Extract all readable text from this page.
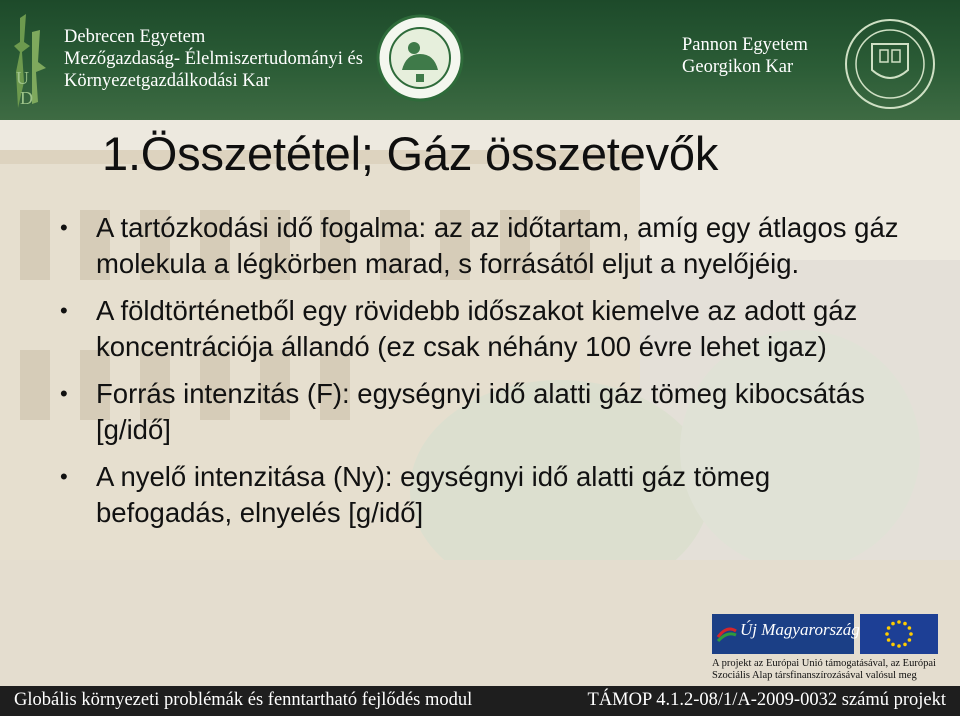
U
D
Debrecen Egyetem
Mezőgazdaság- Élelmiszertudományi és
Környezetgazdálkodási Kar
Pannon Egyetem
Georgikon Kar
1.Összetétel; Gáz összetevők
• A tartózkodási idő fogalma: az az időtartam, amíg egy átlagos gáz molekula a légkörben marad, s forrásától eljut a nyelőjéig.
• A földtörténetből egy rövidebb időszakot kiemelve az adott gáz koncentrációja állandó (ez csak néhány 100 évre lehet igaz)
• Forrás intenzitás (F): egységnyi idő alatti gáz tömeg kibocsátás [g/idő]
• A nyelő intenzitása (Ny): egységnyi idő alatti gáz tömeg befogadás, elnyelés [g/idő]
Új Magyarország
A projekt az Európai Unió támogatásával, az Európai
Szociális Alap társfinanszírozásával valósul meg
Globális környezeti problémák és fenntartható fejlődés modul	TÁMOP 4.1.2-08/1/A-2009-0032 számú projekt
